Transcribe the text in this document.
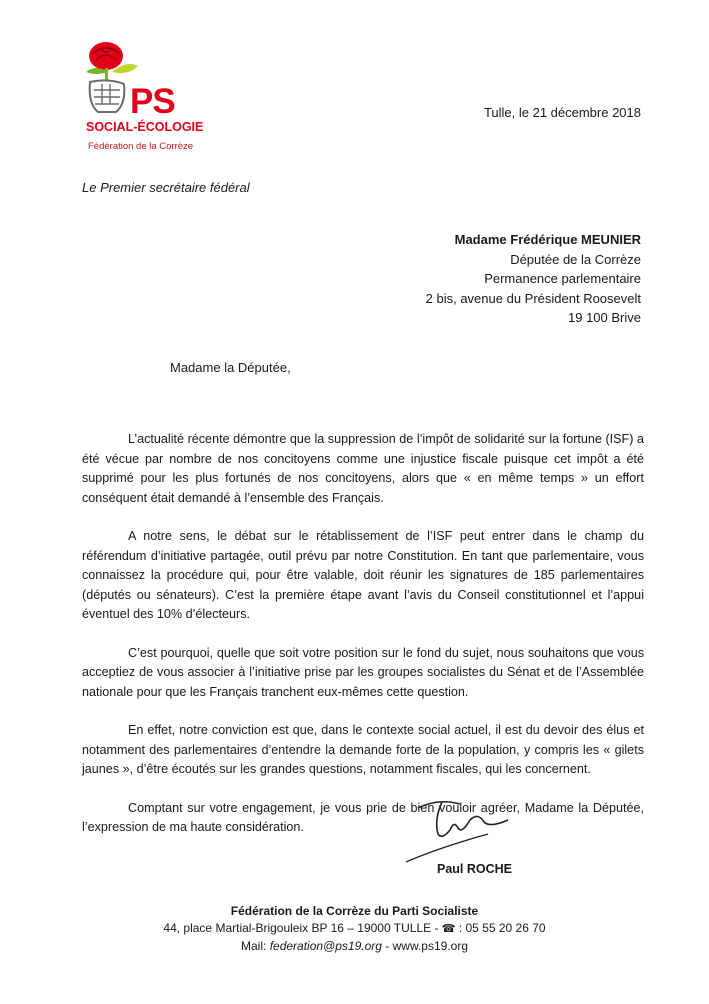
PS
SOCIAL-ÉCOLOGIE
Fédération de la Corrèze
Tulle, le 21 décembre 2018
Le Premier secrétaire fédéral
Madame Frédérique MEUNIER
Députée de la Corrèze
Permanence parlementaire
2 bis, avenue du Président Roosevelt
19 100 Brive
Madame la Députée,

L’actualité récente démontre que la suppression de l’impôt de solidarité sur la fortune (ISF) a été vécue par nombre de nos concitoyens comme une injustice fiscale puisque cet impôt a été supprimé pour les plus fortunés de nos concitoyens, alors que « en même temps » un effort conséquent était demandé à l’ensemble des Français.

A notre sens, le débat sur le rétablissement de l’ISF peut entrer dans le champ du référendum d’initiative partagée, outil prévu par notre Constitution. En tant que parlementaire, vous connaissez la procédure qui, pour être valable, doit réunir les signatures de 185 parlementaires (députés ou sénateurs). C’est la première étape avant l’avis du Conseil constitutionnel et l’appui éventuel des 10% d’électeurs.

C’est pourquoi, quelle que soit votre position sur le fond du sujet, nous souhaitons que vous acceptiez de vous associer à l’initiative prise par les groupes socialistes du Sénat et de l’Assemblée nationale pour que les Français tranchent eux-mêmes cette question.

En effet, notre conviction est que, dans le contexte social actuel, il est du devoir des élus et notamment des parlementaires d’entendre la demande forte de la population, y compris les « gilets jaunes », d’être écoutés sur les grandes questions, notamment fiscales, qui les concernent.

Comptant sur votre engagement, je vous prie de bien vouloir agréer, Madame la Députée, l’expression de ma haute considération.

Paul ROCHE
Fédération de la Corrèze du Parti Socialiste
44, place Martial-Brigouleix BP 16 – 19000 TULLE - ☎ : 05 55 20 26 70
Mail: federation@ps19.org - www.ps19.org
